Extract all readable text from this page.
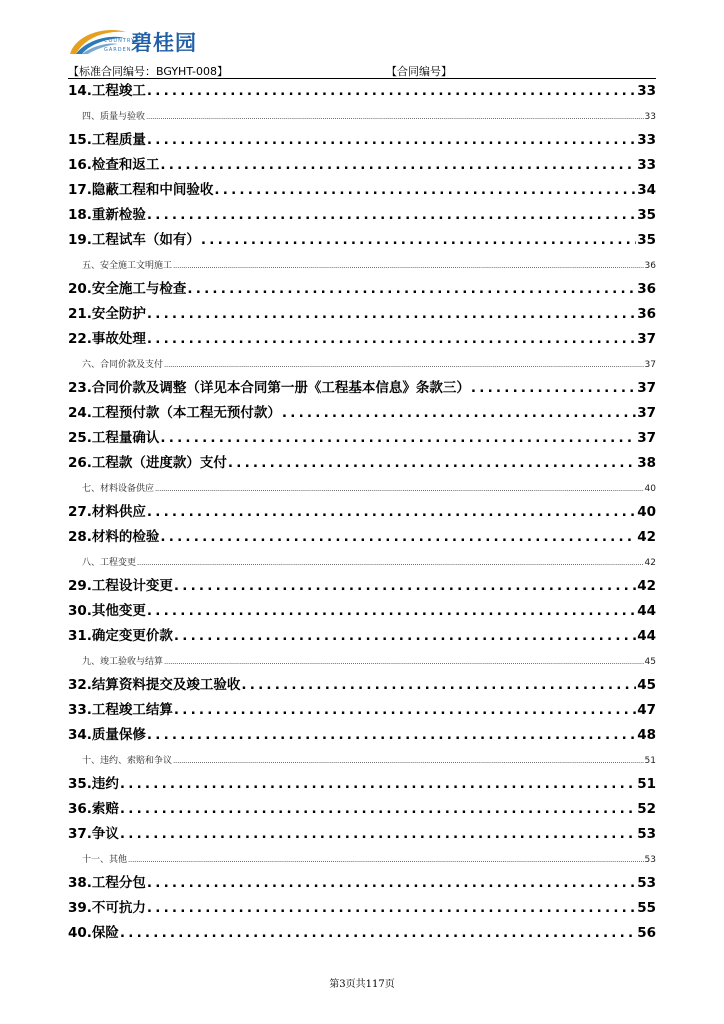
碧桂园
COUNTRY
GARDEN
【标准合同编号：BGYHT-008】	【合同编号】
14.工程竣工 .....	33
四、质量与验收 .....	33
15.工程质量 .....	33
16.检查和返工 .....	33
17.隐蔽工程和中间验收 .....	34
18.重新检验 .....	35
19.工程试车（如有） .....	35
五、安全施工文明施工 .....	36
20.安全施工与检查 .....	36
21.安全防护 .....	36
22.事故处理 .....	37
六、合同价款及支付 .....	37
23.合同价款及调整（详见本合同第一册《工程基本信息》条款三） .....	37
24.工程预付款（本工程无预付款） .....	37
25.工程量确认 .....	37
26.工程款（进度款）支付 .....	38
七、材料设备供应 .....	40
27.材料供应 .....	40
28.材料的检验 .....	42
八、工程变更 .....	42
29.工程设计变更 .....	42
30.其他变更 .....	44
31.确定变更价款 .....	44
九、竣工验收与结算 .....	45
32.结算资料提交及竣工验收 .....	45
33.工程竣工结算 .....	47
34.质量保修 .....	48
十、违约、索赔和争议 .....	51
35.违约 .....	51
36.索赔 .....	52
37.争议 .....	53
十一、其他 .....	53
38.工程分包 .....	53
39.不可抗力 .....	55
40.保险 .....	56
第3页共117页
